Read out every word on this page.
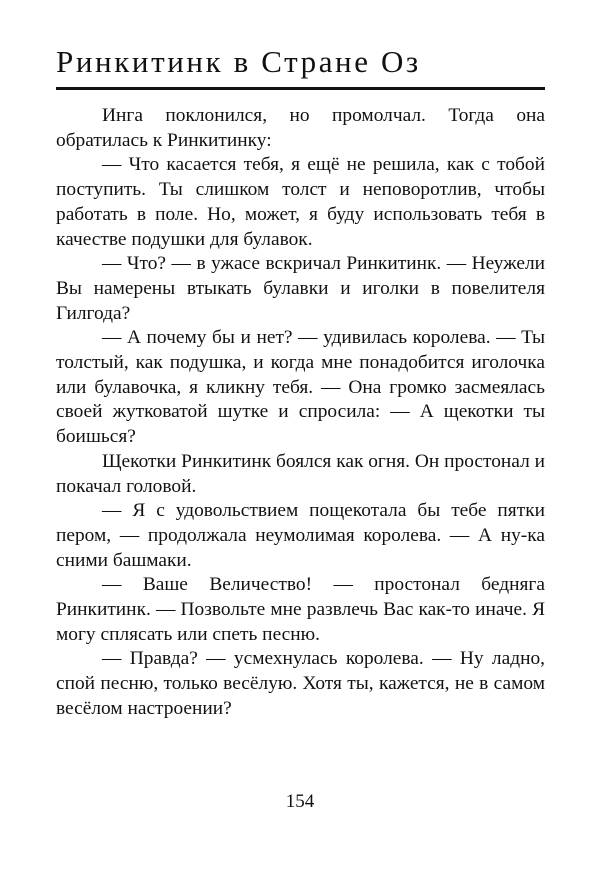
Ринкитинк в Стране Оз

Инга поклонился, но промолчал. Тогда она обратилась к Ринкитинку:

— Что касается тебя, я ещё не решила, как с тобой поступить. Ты слишком толст и неповоротлив, чтобы работать в поле. Но, может, я буду использовать тебя в качестве подушки для булавок.

— Что? — в ужасе вскричал Ринкитинк. — Неужели Вы намерены втыкать булавки и иголки в повелителя Гилгода?

— А почему бы и нет? — удивилась королева. — Ты толстый, как подушка, и когда мне понадобится иголочка или булавочка, я кликну тебя. — Она громко засмеялась своей жутковатой шутке и спросила: — А щекотки ты боишься?

Щекотки Ринкитинк боялся как огня. Он простонал и покачал головой.

— Я с удовольствием пощекотала бы тебе пятки пером, — продолжала неумолимая королева. — А ну-ка сними башмаки.

— Ваше Величество! — простонал бедняга Ринкитинк. — Позвольте мне развлечь Вас как-то иначе. Я могу сплясать или спеть песню.

— Правда? — усмехнулась королева. — Ну ладно, спой песню, только весёлую. Хотя ты, кажется, не в самом весёлом настроении?

154
